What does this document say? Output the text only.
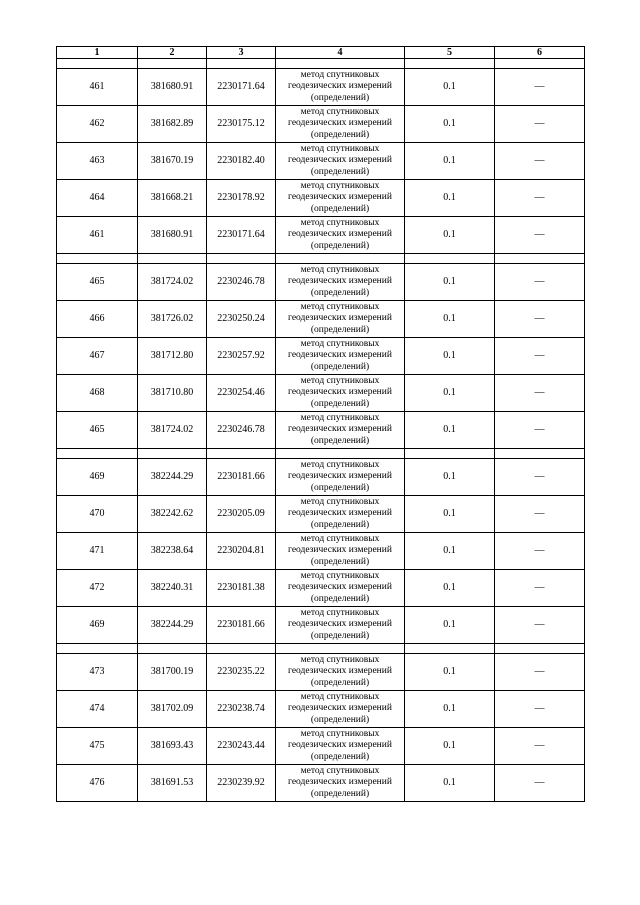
1	2	3	4	5	6

461	381680.91	2230171.64	метод спутниковых геодезических измерений (определений)	0.1	—
462	381682.89	2230175.12	метод спутниковых геодезических измерений (определений)	0.1	—
463	381670.19	2230182.40	метод спутниковых геодезических измерений (определений)	0.1	—
464	381668.21	2230178.92	метод спутниковых геодезических измерений (определений)	0.1	—
461	381680.91	2230171.64	метод спутниковых геодезических измерений (определений)	0.1	—

465	381724.02	2230246.78	метод спутниковых геодезических измерений (определений)	0.1	—
466	381726.02	2230250.24	метод спутниковых геодезических измерений (определений)	0.1	—
467	381712.80	2230257.92	метод спутниковых геодезических измерений (определений)	0.1	—
468	381710.80	2230254.46	метод спутниковых геодезических измерений (определений)	0.1	—
465	381724.02	2230246.78	метод спутниковых геодезических измерений (определений)	0.1	—

469	382244.29	2230181.66	метод спутниковых геодезических измерений (определений)	0.1	—
470	382242.62	2230205.09	метод спутниковых геодезических измерений (определений)	0.1	—
471	382238.64	2230204.81	метод спутниковых геодезических измерений (определений)	0.1	—
472	382240.31	2230181.38	метод спутниковых геодезических измерений (определений)	0.1	—
469	382244.29	2230181.66	метод спутниковых геодезических измерений (определений)	0.1	—

473	381700.19	2230235.22	метод спутниковых геодезических измерений (определений)	0.1	—
474	381702.09	2230238.74	метод спутниковых геодезических измерений (определений)	0.1	—
475	381693.43	2230243.44	метод спутниковых геодезических измерений (определений)	0.1	—
476	381691.53	2230239.92	метод спутниковых геодезических измерений (определений)	0.1	—
